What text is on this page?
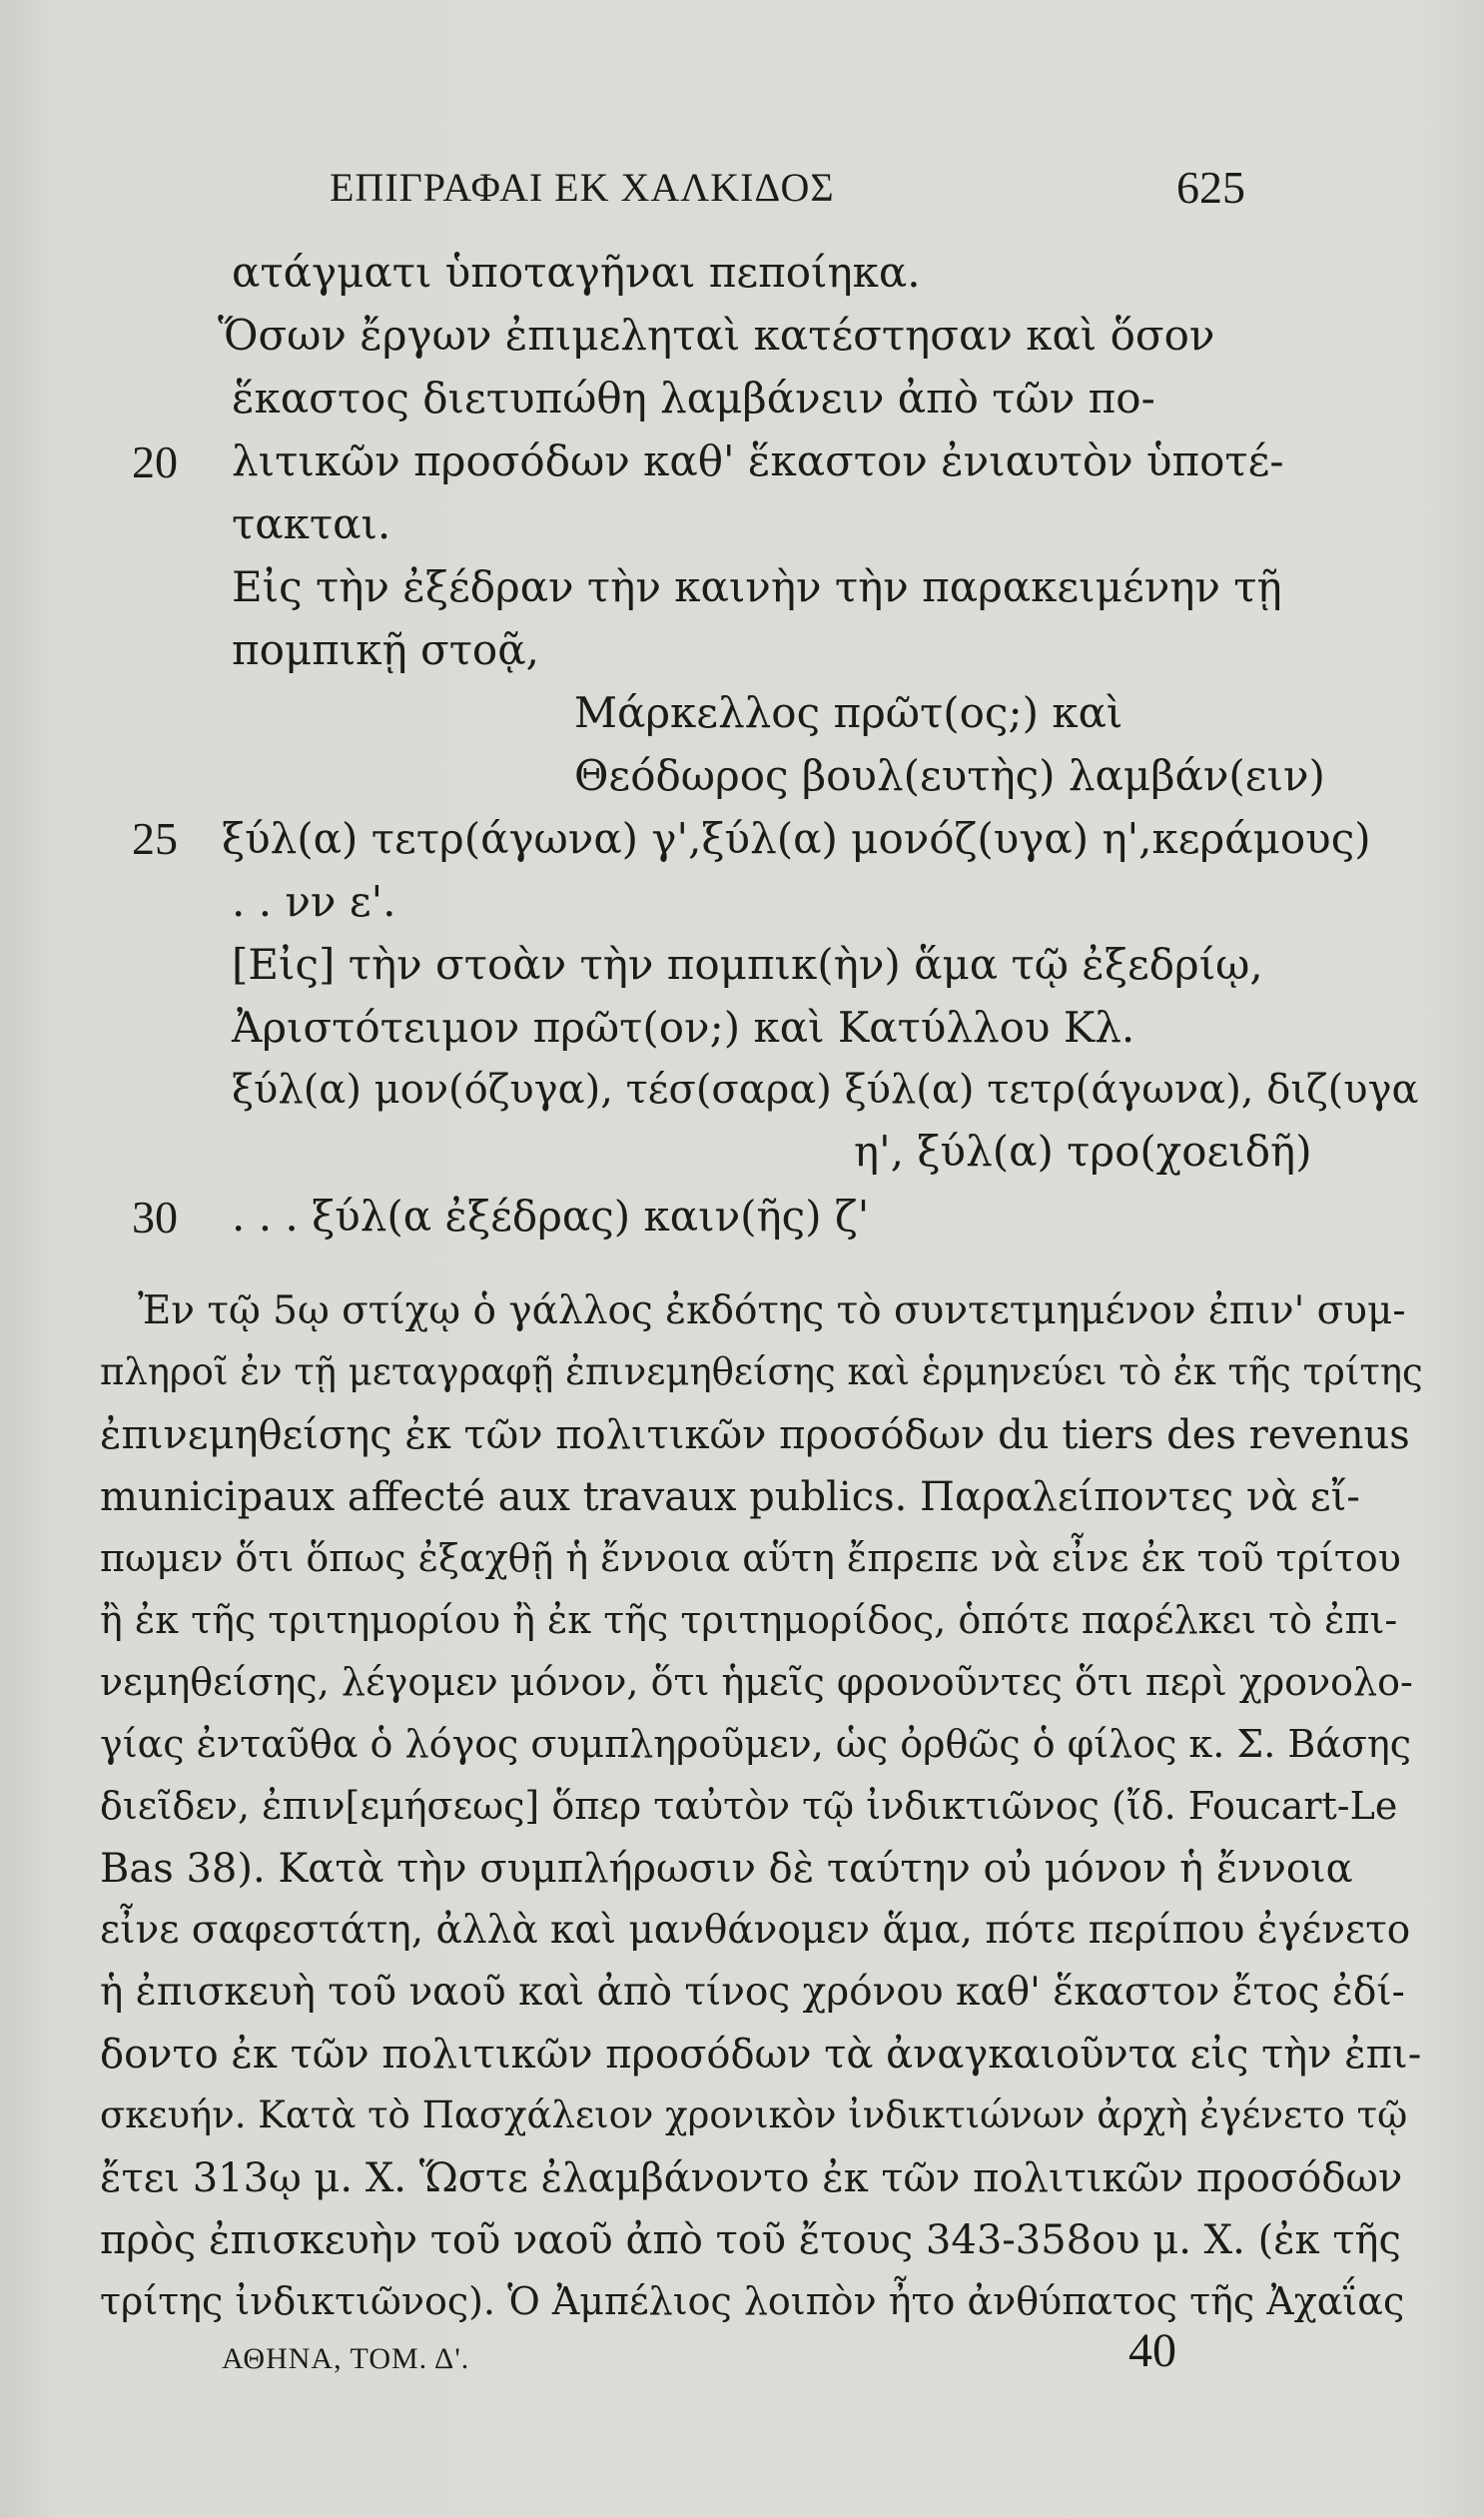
ΕΠΙΓΡΑΦΑΙ ΕΚ ΧΑΛΚΙΔΟΣ	625
ατάγματι ὑποταγῆναι πεποίηκα.
Ὅσων ἔργων ἐπιμεληταὶ κατέστησαν καὶ ὅσον
ἕκαστος διετυπώθη λαμβάνειν ἀπὸ τῶν πο-
20 λιτικῶν προσόδων καθ' ἕκαστον ἐνιαυτὸν ὑποτέ-
τακται.
Εἰς τὴν ἐξέδραν τὴν καινὴν τὴν παρακειμένην τῇ
πομπικῇ στοᾷ,
Μάρκελλος πρῶτ(ος;) καὶ
Θεόδωρος βουλ(ευτὴς) λαμβάν(ειν)
25 ξύλ(α) τετρ(άγωνα) γ',ξύλ(α) μονόζ(υγα) η',κεράμους)
. . νν ε'.
[Εἰς] τὴν στοὰν τὴν πομπικ(ὴν) ἅμα τῷ ἐξεδρίῳ,
Ἀριστότειμον πρῶτ(ον;) καὶ Κατύλλου Κλ.
ξύλ(α) μον(όζυγα), τέσ(σαρα) ξύλ(α) τετρ(άγωνα), διζ(υγα
η', ξύλ(α) τρο(χοειδῆ)
30 . . . ξύλ(α ἐξέδρας) καιν(ῆς) ζ'
Ἐν τῷ 5ῳ στίχῳ ὁ γάλλος ἐκδότης τὸ συντετμημένον ἐπιν' συμ-
πληροῖ ἐν τῇ μεταγραφῇ ἐπινεμηθείσης καὶ ἑρμηνεύει τὸ ἐκ τῆς τρίτης
ἐπινεμηθείσης ἐκ τῶν πολιτικῶν προσόδων du tiers des revenus
municipaux affecté aux travaux publics. Παραλείποντες νὰ εἴ-
πωμεν ὅτι ὅπως ἐξαχθῇ ἡ ἔννοια αὕτη ἔπρεπε νὰ εἶνε ἐκ τοῦ τρίτου
ἢ ἐκ τῆς τριτημορίου ἢ ἐκ τῆς τριτημορίδος, ὁπότε παρέλκει τὸ ἐπι-
νεμηθείσης, λέγομεν μόνον, ὅτι ἡμεῖς φρονοῦντες ὅτι περὶ χρονολο-
γίας ἐνταῦθα ὁ λόγος συμπληροῦμεν, ὡς ὀρθῶς ὁ φίλος κ. Σ. Βάσης
διεῖδεν, ἐπιν[εμήσεως] ὅπερ ταὐτὸν τῷ ἰνδικτιῶνος (ἴδ. Foucart-Le
Bas 38). Κατὰ τὴν συμπλήρωσιν δὲ ταύτην οὐ μόνον ἡ ἔννοια
εἶνε σαφεστάτη, ἀλλὰ καὶ μανθάνομεν ἅμα, πότε περίπου ἐγένετο
ἡ ἐπισκευὴ τοῦ ναοῦ καὶ ἀπὸ τίνος χρόνου καθ' ἕκαστον ἔτος ἐδί-
δοντο ἐκ τῶν πολιτικῶν προσόδων τὰ ἀναγκαιοῦντα εἰς τὴν ἐπι-
σκευήν. Κατὰ τὸ Πασχάλειον χρονικὸν ἰνδικτιώνων ἀρχὴ ἐγένετο τῷ
ἔτει 313ῳ μ. Χ. Ὥστε ἐλαμβάνοντο ἐκ τῶν πολιτικῶν προσόδων
πρὸς ἐπισκευὴν τοῦ ναοῦ ἀπὸ τοῦ ἔτους 343-358ου μ. Χ. (ἐκ τῆς
τρίτης ἰνδικτιῶνος). Ὁ Ἀμπέλιος λοιπὸν ἦτο ἀνθύπατος τῆς Ἀχαΐας
ΑΘΗΝΑ, ΤΟΜ. Δ'.	40
